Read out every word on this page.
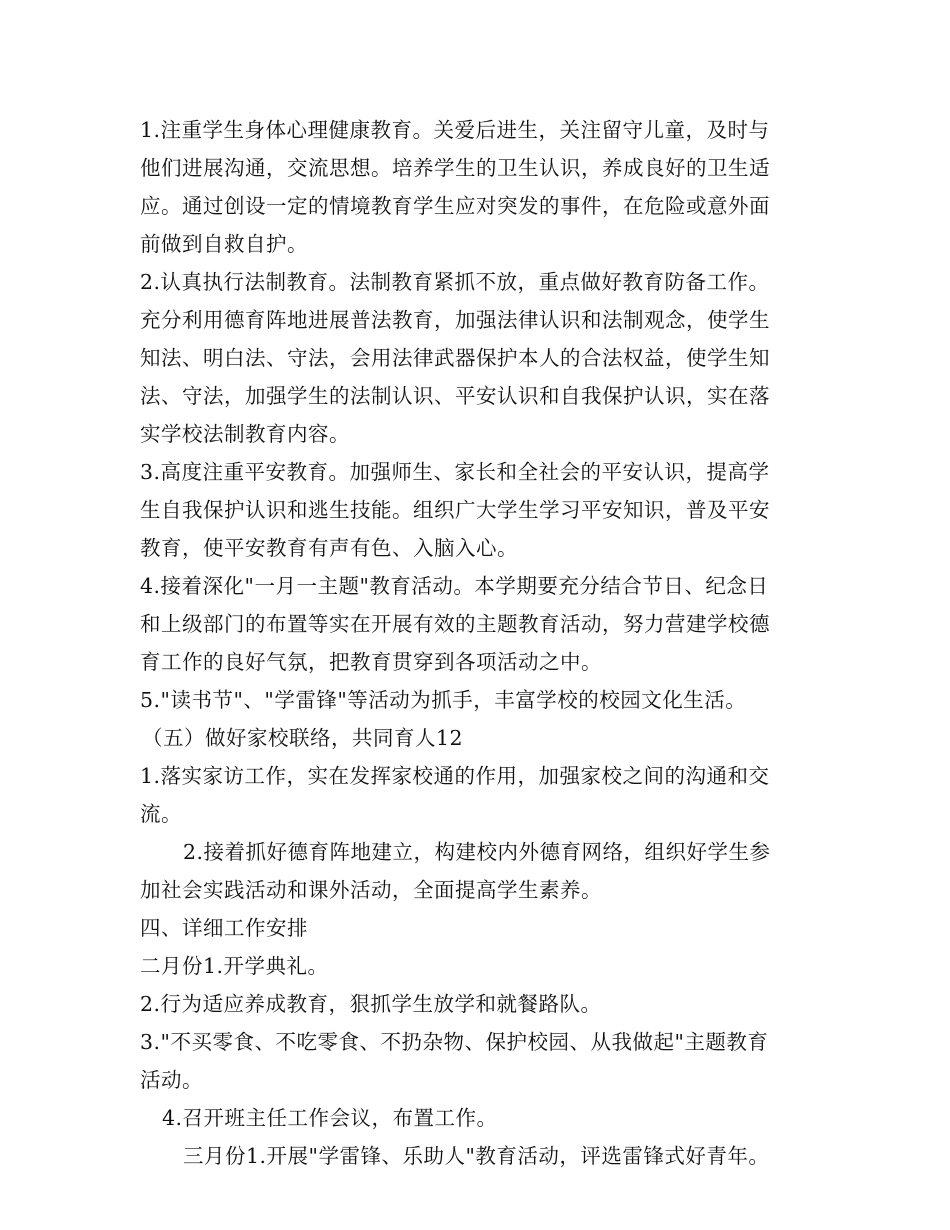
1.注重学生身体心理健康教育。关爱后进生，关注留守儿童，及时与
他们进展沟通，交流思想。培养学生的卫生认识，养成良好的卫生适
应。通过创设一定的情境教育学生应对突发的事件，在危险或意外面
前做到自救自护。
2.认真执行法制教育。法制教育紧抓不放，重点做好教育防备工作。
充分利用德育阵地进展普法教育，加强法律认识和法制观念，使学生
知法、明白法、守法，会用法律武器保护本人的合法权益，使学生知
法、守法，加强学生的法制认识、平安认识和自我保护认识，实在落
实学校法制教育内容。
3.高度注重平安教育。加强师生、家长和全社会的平安认识，提高学
生自我保护认识和逃生技能。组织广大学生学习平安知识，普及平安
教育，使平安教育有声有色、入脑入心。
4.接着深化"一月一主题"教育活动。本学期要充分结合节日、纪念日
和上级部门的布置等实在开展有效的主题教育活动，努力营建学校德
育工作的良好气氛，把教育贯穿到各项活动之中。
5."读书节"、"学雷锋"等活动为抓手，丰富学校的校园文化生活。
（五）做好家校联络，共同育人12
1.落实家访工作，实在发挥家校通的作用，加强家校之间的沟通和交
流。
2.接着抓好德育阵地建立，构建校内外德育网络，组织好学生参
加社会实践活动和课外活动，全面提高学生素养。
四、详细工作安排
二月份1.开学典礼。
2.行为适应养成教育，狠抓学生放学和就餐路队。
3."不买零食、不吃零食、不扔杂物、保护校园、从我做起"主题教育
活动。
4.召开班主任工作会议，布置工作。
三月份1.开展"学雷锋、乐助人"教育活动，评选雷锋式好青年。
